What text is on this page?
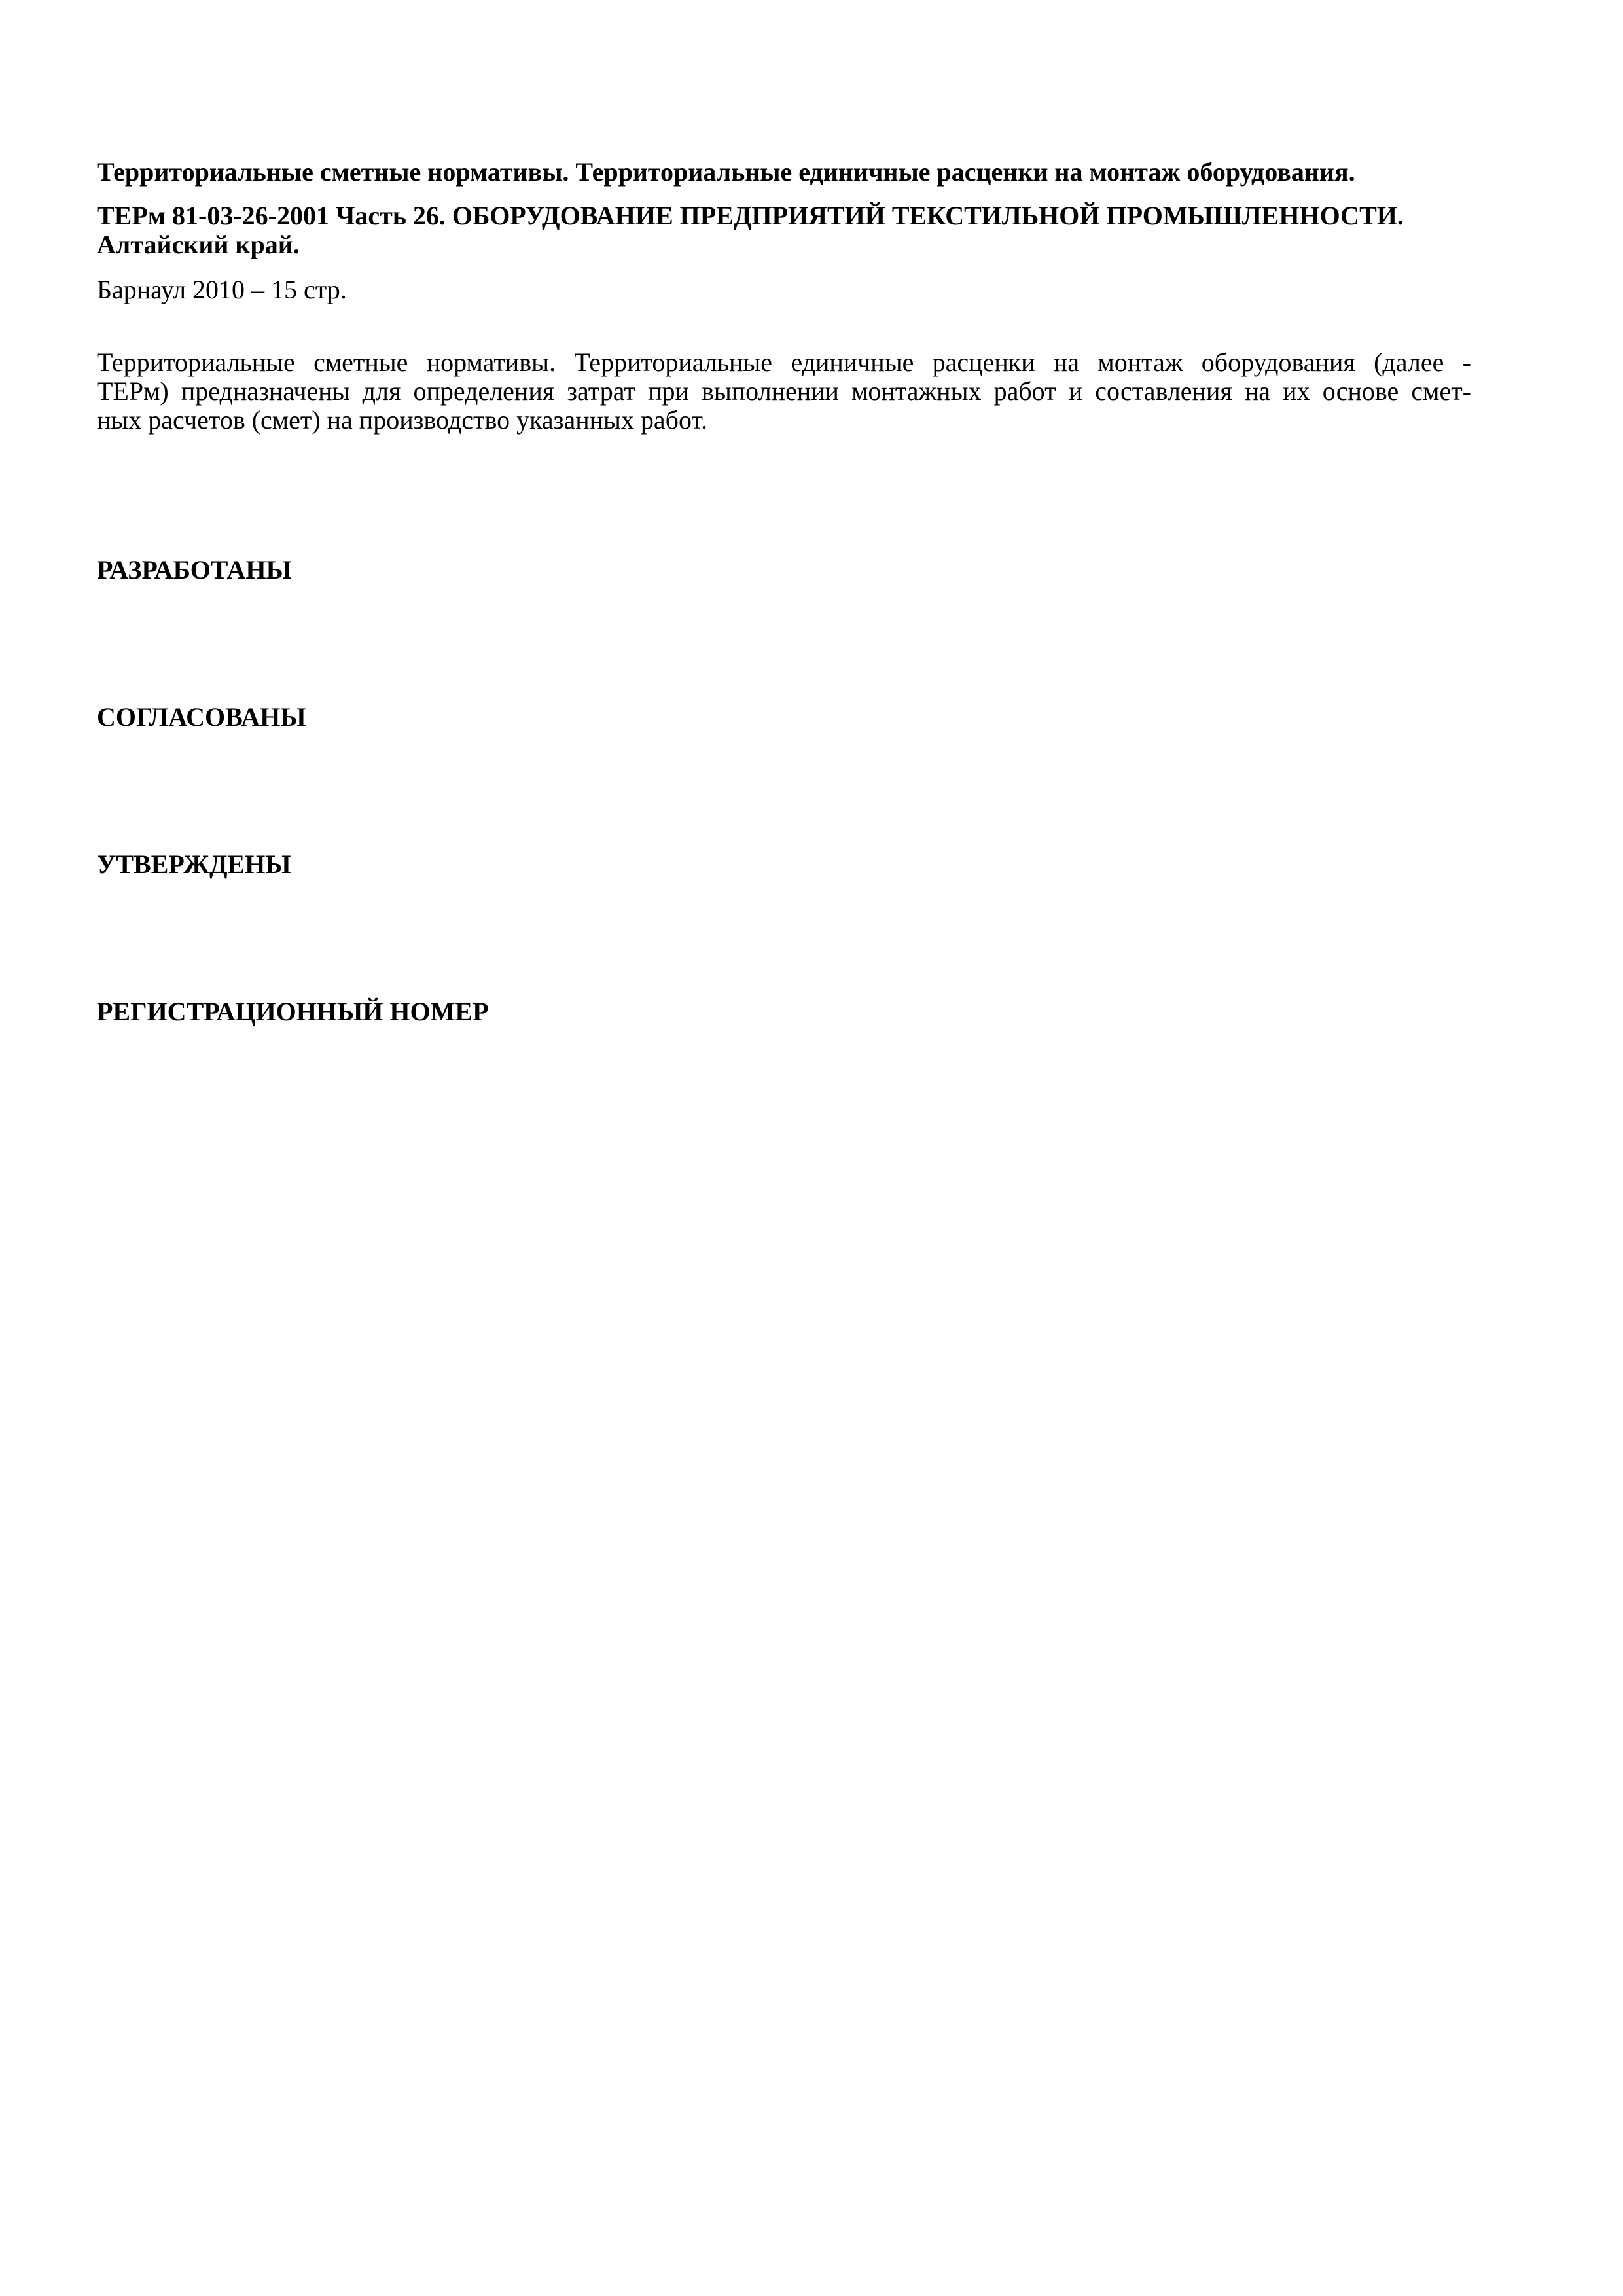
Территориальные сметные нормативы. Территориальные единичные расценки на монтаж оборудования.
ТЕРм 81-03-26-2001 Часть 26. ОБОРУДОВАНИЕ ПРЕДПРИЯТИЙ ТЕКСТИЛЬНОЙ ПРОМЫШЛЕННОСТИ.
Алтайский край.
Барнаул 2010 – 15 стр.
Территориальные сметные нормативы. Территориальные единичные расценки на монтаж оборудования (далее -
ТЕРм) предназначены для определения затрат при выполнении монтажных работ и составления на их основе смет-
ных расчетов (смет) на производство указанных работ.
РАЗРАБОТАНЫ
СОГЛАСОВАНЫ
УТВЕРЖДЕНЫ
РЕГИСТРАЦИОННЫЙ НОМЕР
